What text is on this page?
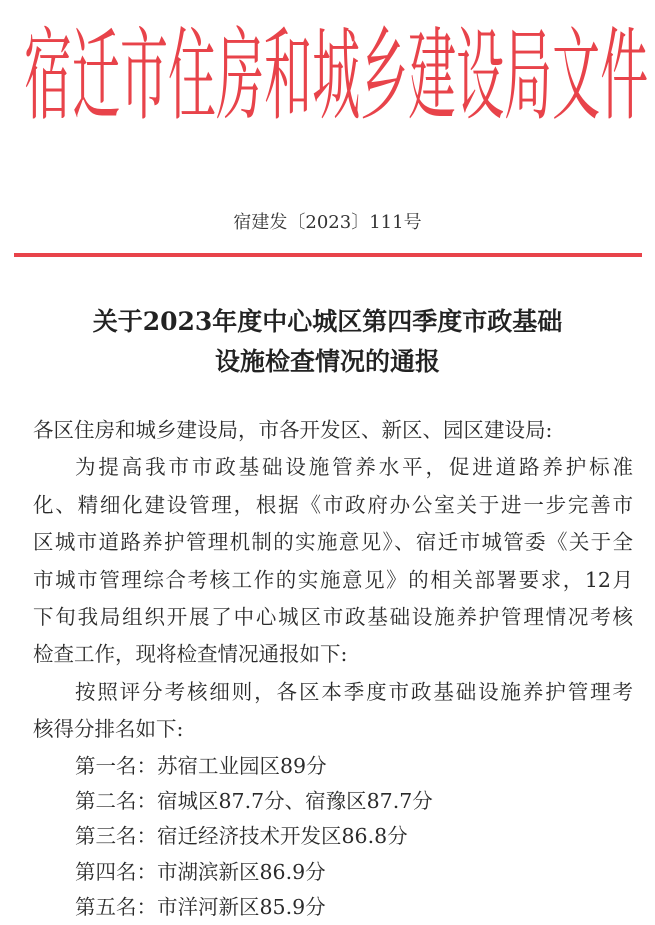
宿 迁 市 住 房 和 城 乡 建 设 局 文 件
宿建发〔2023〕111号
关于2023年度中心城区第四季度市政基础
设施检查情况的通报
各区住房和城乡建设局，市各开发区、新区、园区建设局:
为提高我市市政基础设施管养水平，促进道路养护标准
化、精细化建设管理，根据《市政府办公室关于进一步完善市
区城市道路养护管理机制的实施意见》、宿迁市城管委《关于全
市城市管理综合考核工作的实施意见》的相关部署要求，12月
下旬我局组织开展了中心城区市政基础设施养护管理情况考核
检查工作，现将检查情况通报如下:
按照评分考核细则，各区本季度市政基础设施养护管理考
核得分排名如下:
第一名：苏宿工业园区89分
第二名：宿城区87.7分、宿豫区87.7分
第三名：宿迁经济技术开发区86.8分
第四名：市湖滨新区86.9分
第五名：市洋河新区85.9分
